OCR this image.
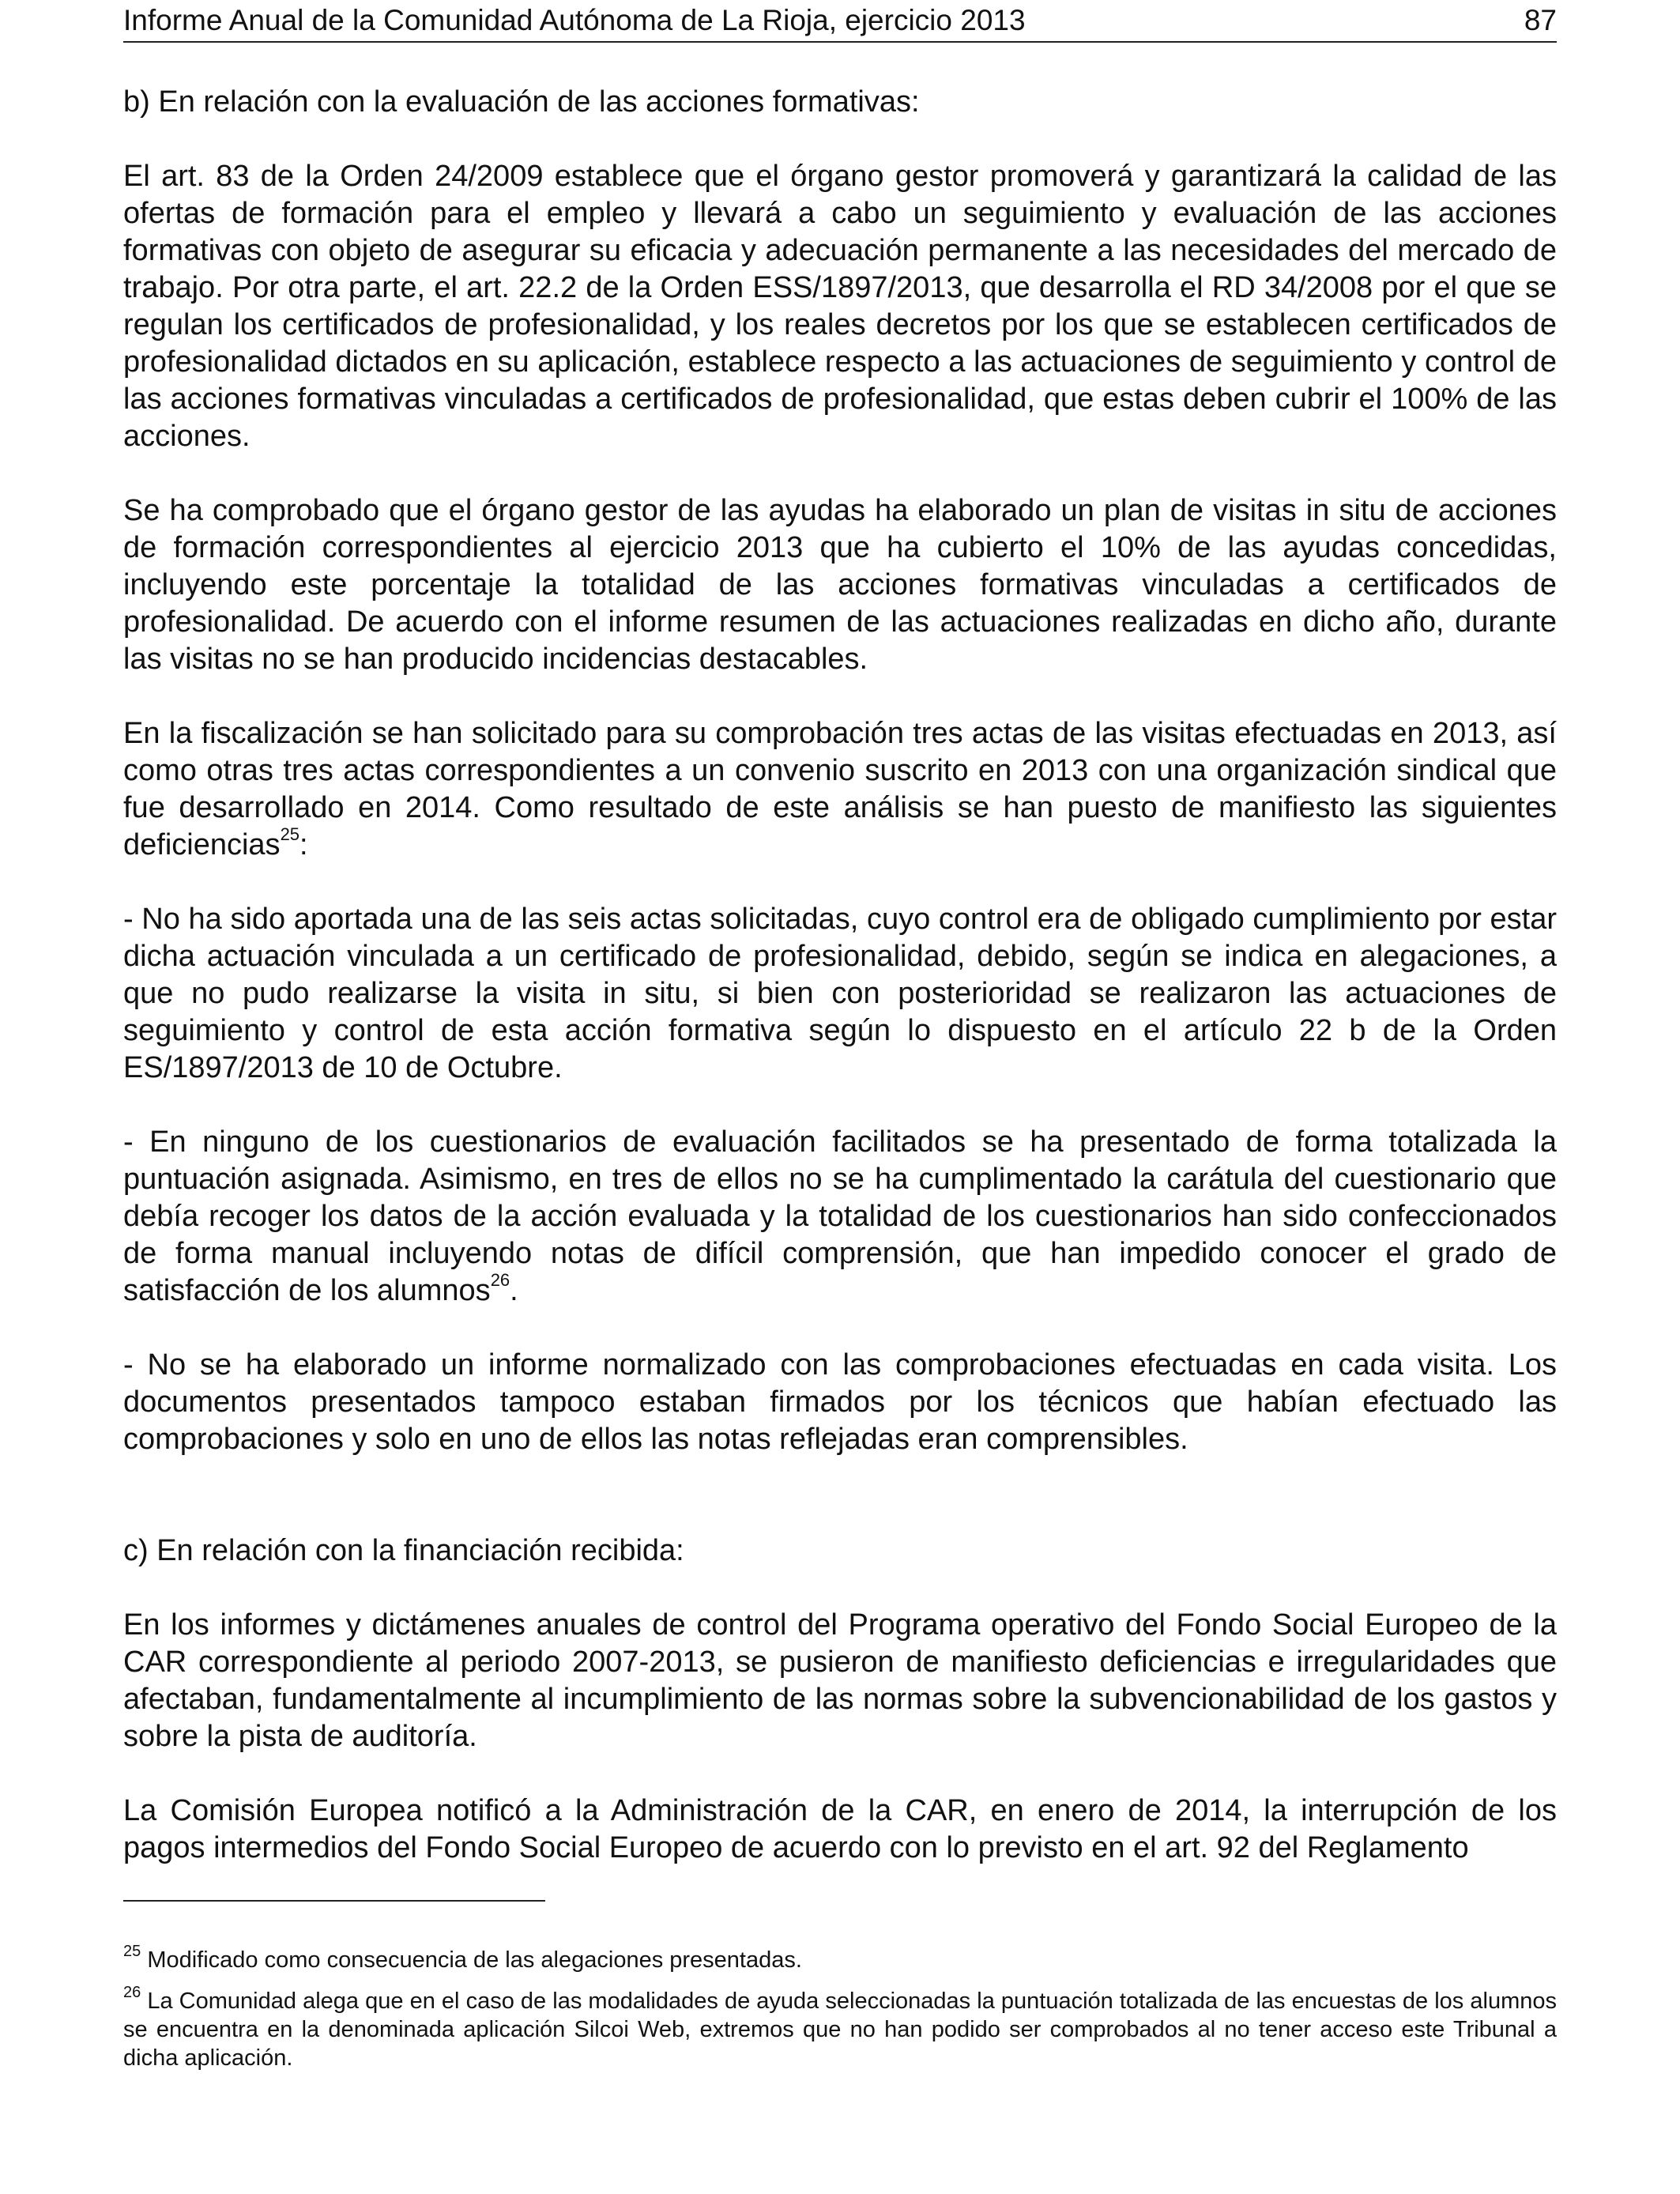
Informe Anual de la Comunidad Autónoma de La Rioja, ejercicio 2013	87

b) En relación con la evaluación de las acciones formativas:

El art. 83 de la Orden 24/2009 establece que el órgano gestor promoverá y garantizará la calidad de las ofertas de formación para el empleo y llevará a cabo un seguimiento y evaluación de las acciones formativas con objeto de asegurar su eficacia y adecuación permanente a las necesidades del mercado de trabajo. Por otra parte, el art. 22.2 de la Orden ESS/1897/2013, que desarrolla el RD 34/2008 por el que se regulan los certificados de profesionalidad, y los reales decretos por los que se establecen certificados de profesionalidad dictados en su aplicación, establece respecto a las actuaciones de seguimiento y control de las acciones formativas vinculadas a certificados de profesionalidad, que estas deben cubrir el 100% de las acciones.

Se ha comprobado que el órgano gestor de las ayudas ha elaborado un plan de visitas in situ de acciones de formación correspondientes al ejercicio 2013 que ha cubierto el 10% de las ayudas concedidas, incluyendo este porcentaje la totalidad de las acciones formativas vinculadas a certificados de profesionalidad. De acuerdo con el informe resumen de las actuaciones realizadas en dicho año, durante las visitas no se han producido incidencias destacables.

En la fiscalización se han solicitado para su comprobación tres actas de las visitas efectuadas en 2013, así como otras tres actas correspondientes a un convenio suscrito en 2013 con una organización sindical que fue desarrollado en 2014. Como resultado de este análisis se han puesto de manifiesto las siguientes deficiencias$^{25}$:

- No ha sido aportada una de las seis actas solicitadas, cuyo control era de obligado cumplimiento por estar dicha actuación vinculada a un certificado de profesionalidad, debido, según se indica en alegaciones, a que no pudo realizarse la visita in situ, si bien con posterioridad se realizaron las actuaciones de seguimiento y control de esta acción formativa según lo dispuesto en el artículo 22 b de la Orden ES/1897/2013 de 10 de Octubre.

- En ninguno de los cuestionarios de evaluación facilitados se ha presentado de forma totalizada la puntuación asignada. Asimismo, en tres de ellos no se ha cumplimentado la carátula del cuestionario que debía recoger los datos de la acción evaluada y la totalidad de los cuestionarios han sido confeccionados de forma manual incluyendo notas de difícil comprensión, que han impedido conocer el grado de satisfacción de los alumnos$^{26}$.

- No se ha elaborado un informe normalizado con las comprobaciones efectuadas en cada visita. Los documentos presentados tampoco estaban firmados por los técnicos que habían efectuado las comprobaciones y solo en uno de ellos las notas reflejadas eran comprensibles.

c) En relación con la financiación recibida:

En los informes y dictámenes anuales de control del Programa operativo del Fondo Social Europeo de la CAR correspondiente al periodo 2007-2013, se pusieron de manifiesto deficiencias e irregularidades que afectaban, fundamentalmente al incumplimiento de las normas sobre la subvencionabilidad de los gastos y sobre la pista de auditoría.

La Comisión Europea notificó a la Administración de la CAR, en enero de 2014, la interrupción de los pagos intermedios del Fondo Social Europeo de acuerdo con lo previsto en el art. 92 del Reglamento

$^{25}$ Modificado como consecuencia de las alegaciones presentadas.

$^{26}$ La Comunidad alega que en el caso de las modalidades de ayuda seleccionadas la puntuación totalizada de las encuestas de los alumnos se encuentra en la denominada aplicación Silcoi Web, extremos que no han podido ser comprobados al no tener acceso este Tribunal a dicha aplicación.
